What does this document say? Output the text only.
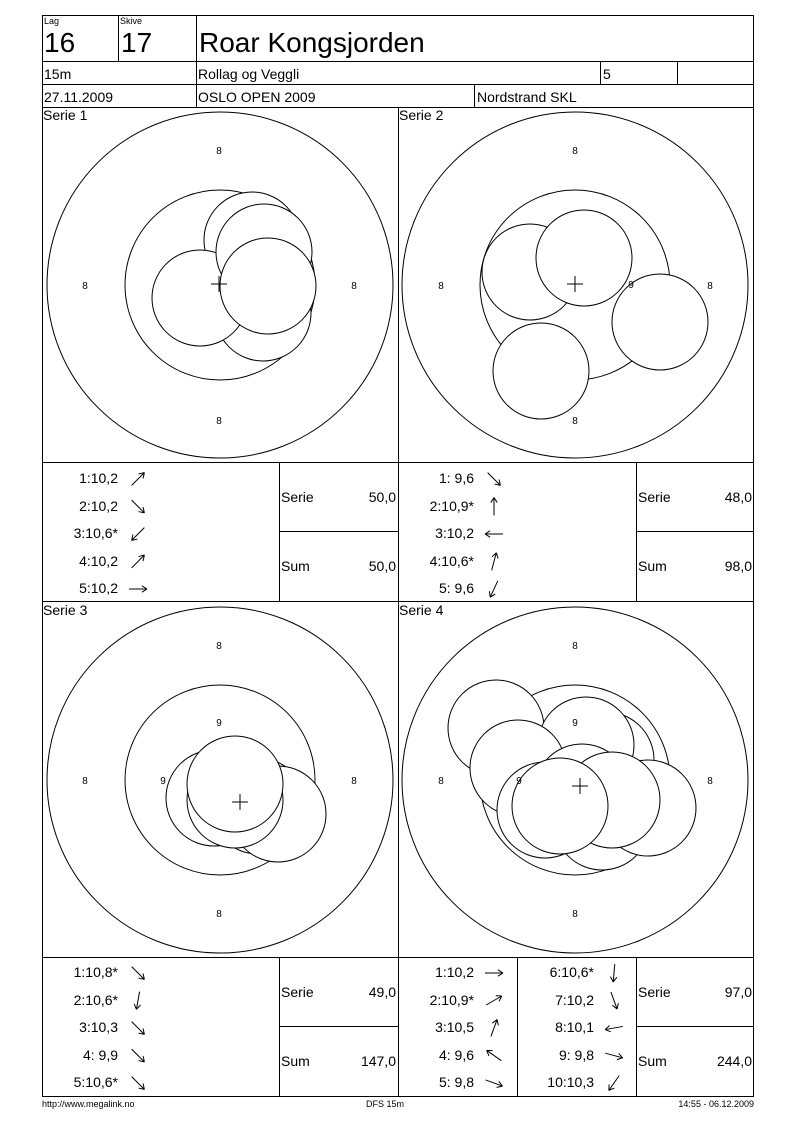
8
8	8
8
8
8	8
8
9
8
8	8
8
9
9
8
8	8
8
9
9
Lag
16
Skive
17 Roar Kongsjorden
15m	Rollag og Veggli	5
27.11.2009	OSLO OPEN 2009	Nordstrand SKL
Serie 1	Serie 2
Serie 3	Serie 4
Serie	50,0
Sum	50,0
Serie	48,0
Sum	98,0
Serie	49,0
Sum	147,0
Serie	97,0
Sum	244,0
1:10,2
2:10,2
3:10,6*
4:10,2
5:10,2
1: 9,6
2:10,9*
3:10,2
4:10,6*
5: 9,6
1:10,8*
2:10,6*
3:10,3
4: 9,9
5:10,6*
1:10,2
2:10,9*
3:10,5
4: 9,6
5: 9,8
6:10,6*
7:10,2
8:10,1
9: 9,8
10:10,3
http://www.megalink.no	DFS 15m	14:55 - 06.12.2009
